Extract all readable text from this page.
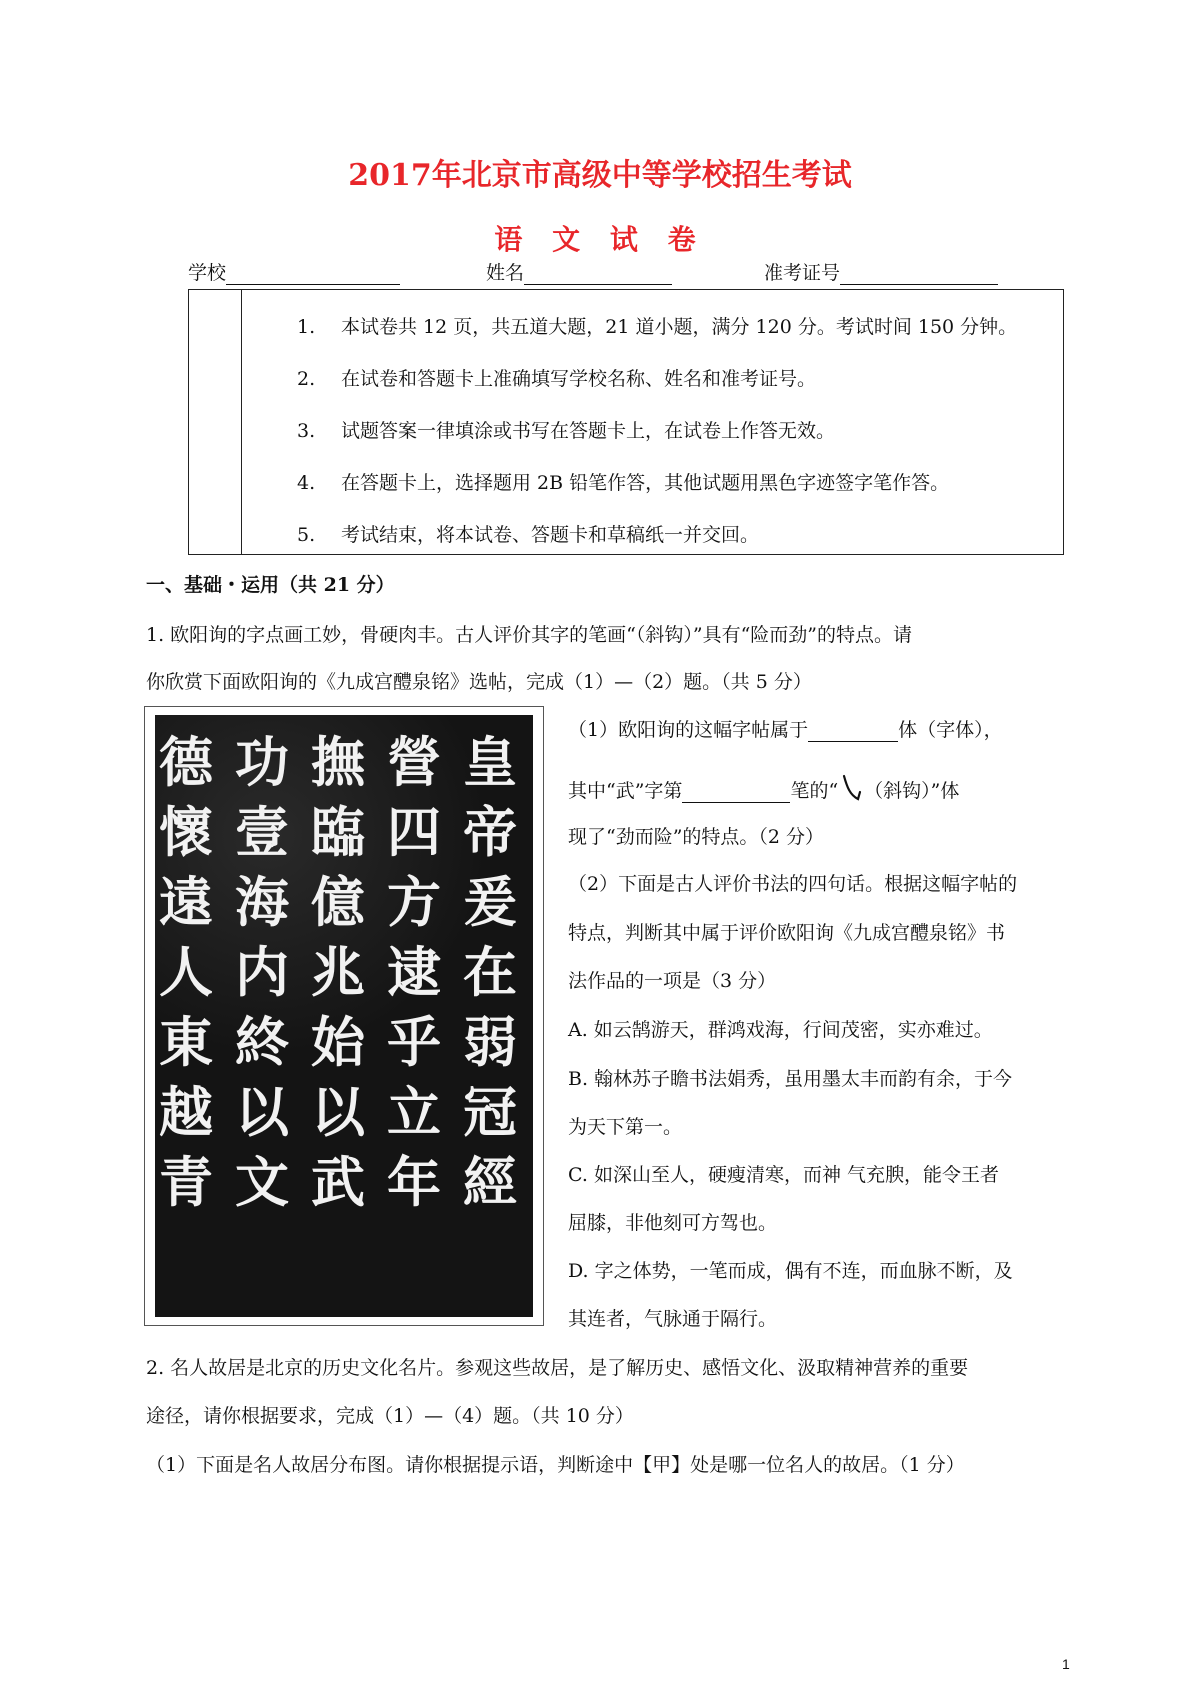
2017年北京市高级中等学校招生考试
语 文 试 卷
学校	姓名	准考证号
1. 本试卷共 12 页，共五道大题，21 道小题，满分 120 分。考试时间 150 分钟。
2. 在试卷和答题卡上准确填写学校名称、姓名和准考证号。
3. 试题答案一律填涂或书写在答题卡上，在试卷上作答无效。
4. 在答题卡上，选择题用 2B 铅笔作答，其他试题用黑色字迹签字笔作答。
5. 考试结束，将本试卷、答题卡和草稿纸一并交回。
一、基础・运用（共 21 分）
1. 欧阳询的字点画工妙，骨硬肉丰。古人评价其字的笔画“（斜钩）”具有“险而劲”的特点。请
你欣赏下面欧阳询的《九成宫醴泉铭》选帖，完成（1）—（2）题。（共 5 分）
皇
帝
爰
在
弱
冠
經
營
四
方
逮
乎
立
年
撫
臨
億
兆
始
以
武
功
壹
海
内
終
以
文
德
懷
遠
人
東
越
青
（1）欧阳询的这幅字帖属于	体（字体），
其中“武”字第	笔的“ （斜钩）”体
现了“劲而险”的特点。（2 分）
（2）下面是古人评价书法的四句话。根据这幅字帖的
特点，判断其中属于评价欧阳询《九成宫醴泉铭》书
法作品的一项是（3 分）
A. 如云鹄游天，群鸿戏海，行间茂密，实亦难过。
B. 翰林苏子瞻书法娟秀，虽用墨太丰而韵有余，于今
为天下第一。
C. 如深山至人，硬瘦清寒，而神 气充腴，能令王者
屈膝，非他刻可方驾也。
D. 字之体势，一笔而成，偶有不连，而血脉不断，及
其连者，气脉通于隔行。
2. 名人故居是北京的历史文化名片。参观这些故居，是了解历史、感悟文化、汲取精神营养的重要
途径，请你根据要求，完成（1）—（4）题。（共 10 分）
（1）下面是名人故居分布图。请你根据提示语，判断途中【甲】处是哪一位名人的故居。（1 分）
1
